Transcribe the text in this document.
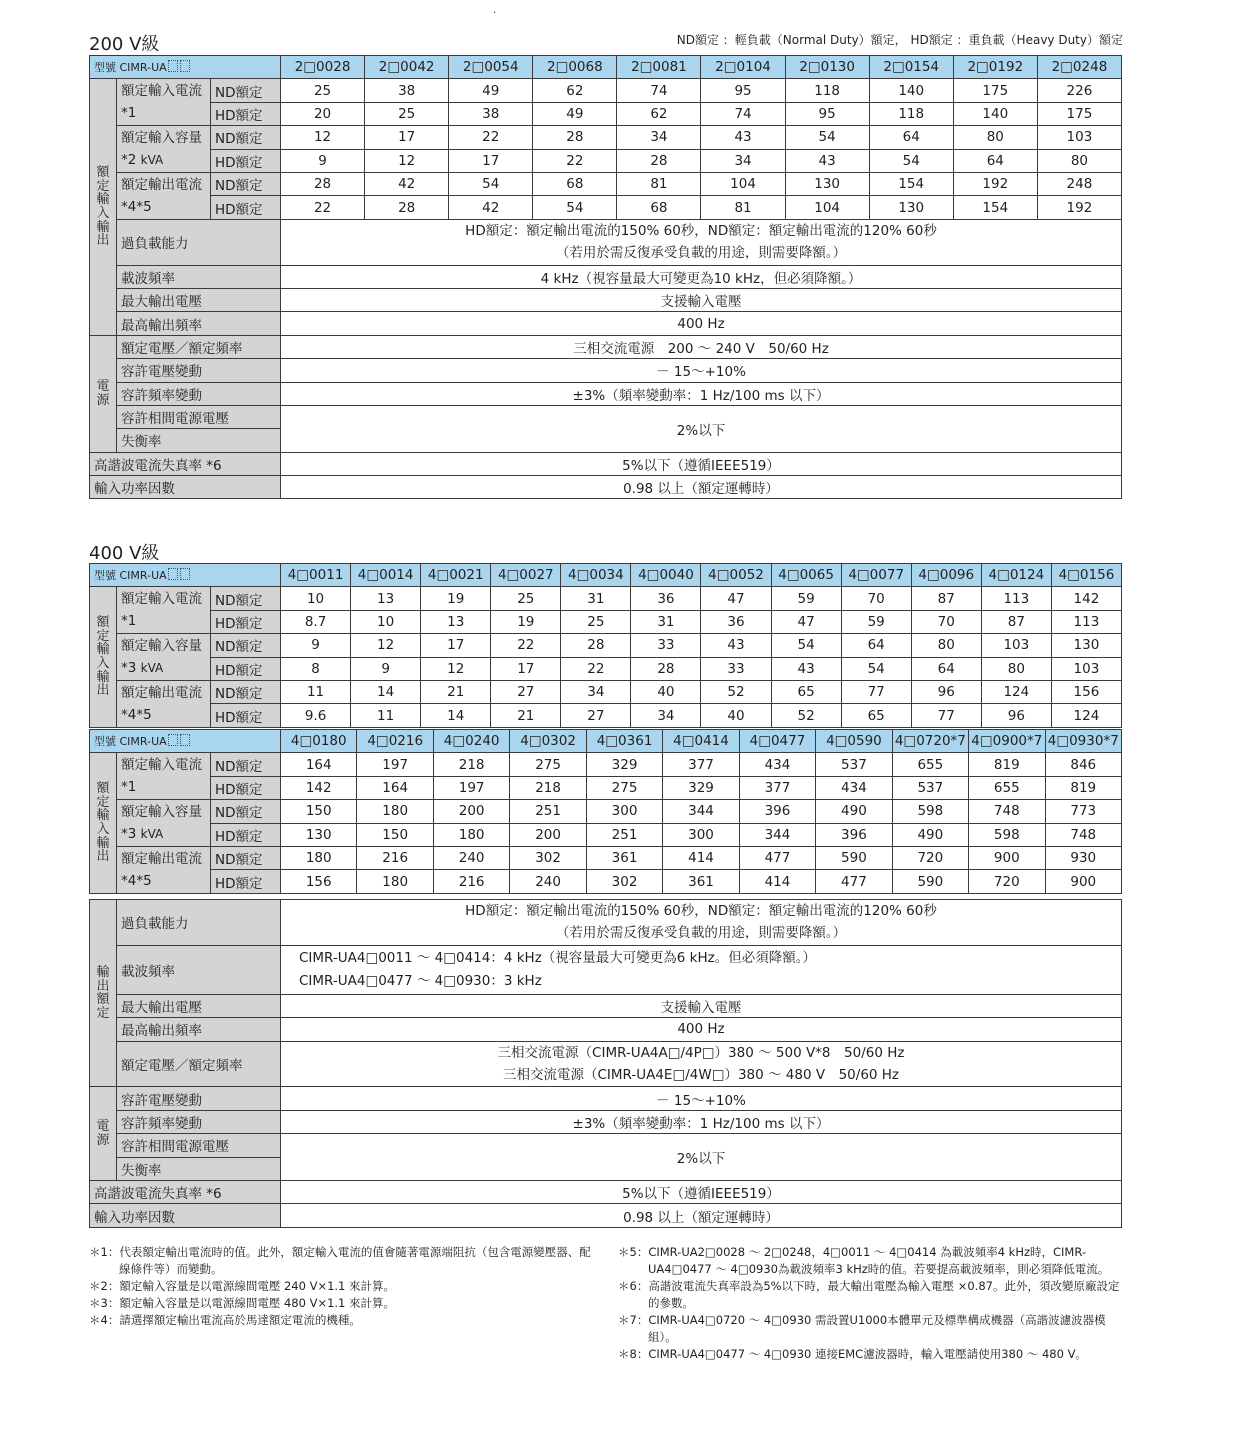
·
200 V級	ND額定 ：輕負載（Normal Duty）額定， HD額定 ：重負載（Heavy Duty）額定
型號 CIMR-UA			2□0028	2□0042	2□0054	2□0068	2□0081	2□0104	2□0130	2□0154	2□0192	2□0248

額定輸入輸出	額定輸入電流 *1	ND額定	25	38	49	62	74	95	118	140	175	226
		HD額定	20	25	38	49	62	74	95	118	140	175
	額定輸入容量 *2 kVA	ND額定	12	17	22	28	34	43	54	64	80	103
		HD額定	9	12	17	22	28	34	43	54	64	80
	額定輸出電流 *4*5	ND額定	28	42	54	68	81	104	130	154	192	248
		HD額定	22	28	42	54	68	81	104	130	154	192
	過負載能力		HD額定：額定輸出電流的150% 60秒，ND額定：額定輸出電流的120% 60秒
（若用於需反復承受負載的用途，則需要降額。）									

	載波頻率		4 kHz（視容量最大可變更為10 kHz，但必須降額。）									
	最大輸出電壓		支援輸入電壓									
	最高輸出頻率		400 Hz									

電源	額定電壓／額定頻率		三相交流電源　200 ～ 240 V　50/60 Hz									
	容許電壓變動		－ 15～+10%									
	容許頻率變動		±3%（頻率變動率：1 Hz/100 ms 以下）									
	容許相間電源電壓		2%以下									
	失衡率											
高諧波電流失真率 *6			5%以下（遵循IEEE519）									
輸入功率因數			0.98 以上（額定運轉時）									
400 V級
型號 CIMR-UA			4□0011	4□0014	4□0021	4□0027	4□0034	4□0040	4□0052	4□0065	4□0077	4□0096	4□0124	4□0156

額定輸入輸出	額定輸入電流 *1	ND額定	10	13	19	25	31	36	47	59	70	87	113	142
		HD額定	8.7	10	13	19	25	31	36	47	59	70	87	113
	額定輸入容量 *3 kVA	ND額定	9	12	17	22	28	33	43	54	64	80	103	130
		HD額定	8	9	12	17	22	28	33	43	54	64	80	103
	額定輸出電流 *4*5	ND額定	11	14	21	27	34	40	52	65	77	96	124	156
		HD額定	9.6	11	14	21	27	34	40	52	65	77	96	124
型號 CIMR-UA			4□0180	4□0216	4□0240	4□0302	4□0361	4□0414	4□0477	4□0590	4□0720*7	4□0900*7	4□0930*7

額定輸入輸出	額定輸入電流 *1	ND額定	164	197	218	275	329	377	434	537	655	819	846
		HD額定	142	164	197	218	275	329	377	434	537	655	819
	額定輸入容量 *3 kVA	ND額定	150	180	200	251	300	344	396	490	598	748	773
		HD額定	130	150	180	200	251	300	344	396	490	598	748
	額定輸出電流 *4*5	ND額定	180	216	240	302	361	414	477	590	720	900	930
		HD額定	156	180	216	240	302	361	414	477	590	720	900
輸出額定	過負載能力	HD額定：額定輸出電流的150% 60秒，ND額定：額定輸出電流的120% 60秒
（若用於需反復承受負載的用途，則需要降額。）

	載波頻率	CIMR-UA4□0011 ～ 4□0414：4 kHz（視容量最大可變更為6 kHz。但必須降額。）
CIMR-UA4□0477 ～ 4□0930：3 kHz

	最大輸出電壓	支援輸入電壓
	最高輸出頻率	400 Hz
	額定電壓／額定頻率	三相交流電源（CIMR-UA4A□/4P□）380 ～ 500 V*8　50/60 Hz
三相交流電源（CIMR-UA4E□/4W□）380 ～ 480 V　50/60 Hz

電源	容許電壓變動	－ 15～+10%
	容許頻率變動	±3%（頻率變動率：1 Hz/100 ms 以下）
	容許相間電源電壓	2%以下
	失衡率	
高諧波電流失真率 *6		5%以下（遵循IEEE519）
輸入功率因數		0.98 以上（額定運轉時）

＊1：代表額定輸出電流時的值。此外，額定輸入電流的值會隨著電源端阻抗（包含電源變壓器、配線條件等）而變動。

＊2：額定輸入容量是以電源線間電壓 240 V×1.1 來計算。

＊3：額定輸入容量是以電源線間電壓 480 V×1.1 來計算。

＊4：請選擇額定輸出電流高於馬達額定電流的機種。

＊5：CIMR-UA2□0028 ～ 2□0248，4□0011 ～ 4□0414 為載波頻率4 kHz時，CIMR-UA4□0477 ～ 4□0930為載波頻率3 kHz時的值。若要提高載波頻率，則必須降低電流。

＊6：高諧波電流失真率設為5%以下時，最大輸出電壓為輸入電壓 ×0.87。此外，須改變原廠設定的參數。

＊7：CIMR-UA4□0720 ～ 4□0930 需設置U1000本體單元及標準構成機器（高諧波濾波器模組）。

＊8：CIMR-UA4□0477 ～ 4□0930 連接EMC濾波器時，輸入電壓請使用380 ～ 480 V。
